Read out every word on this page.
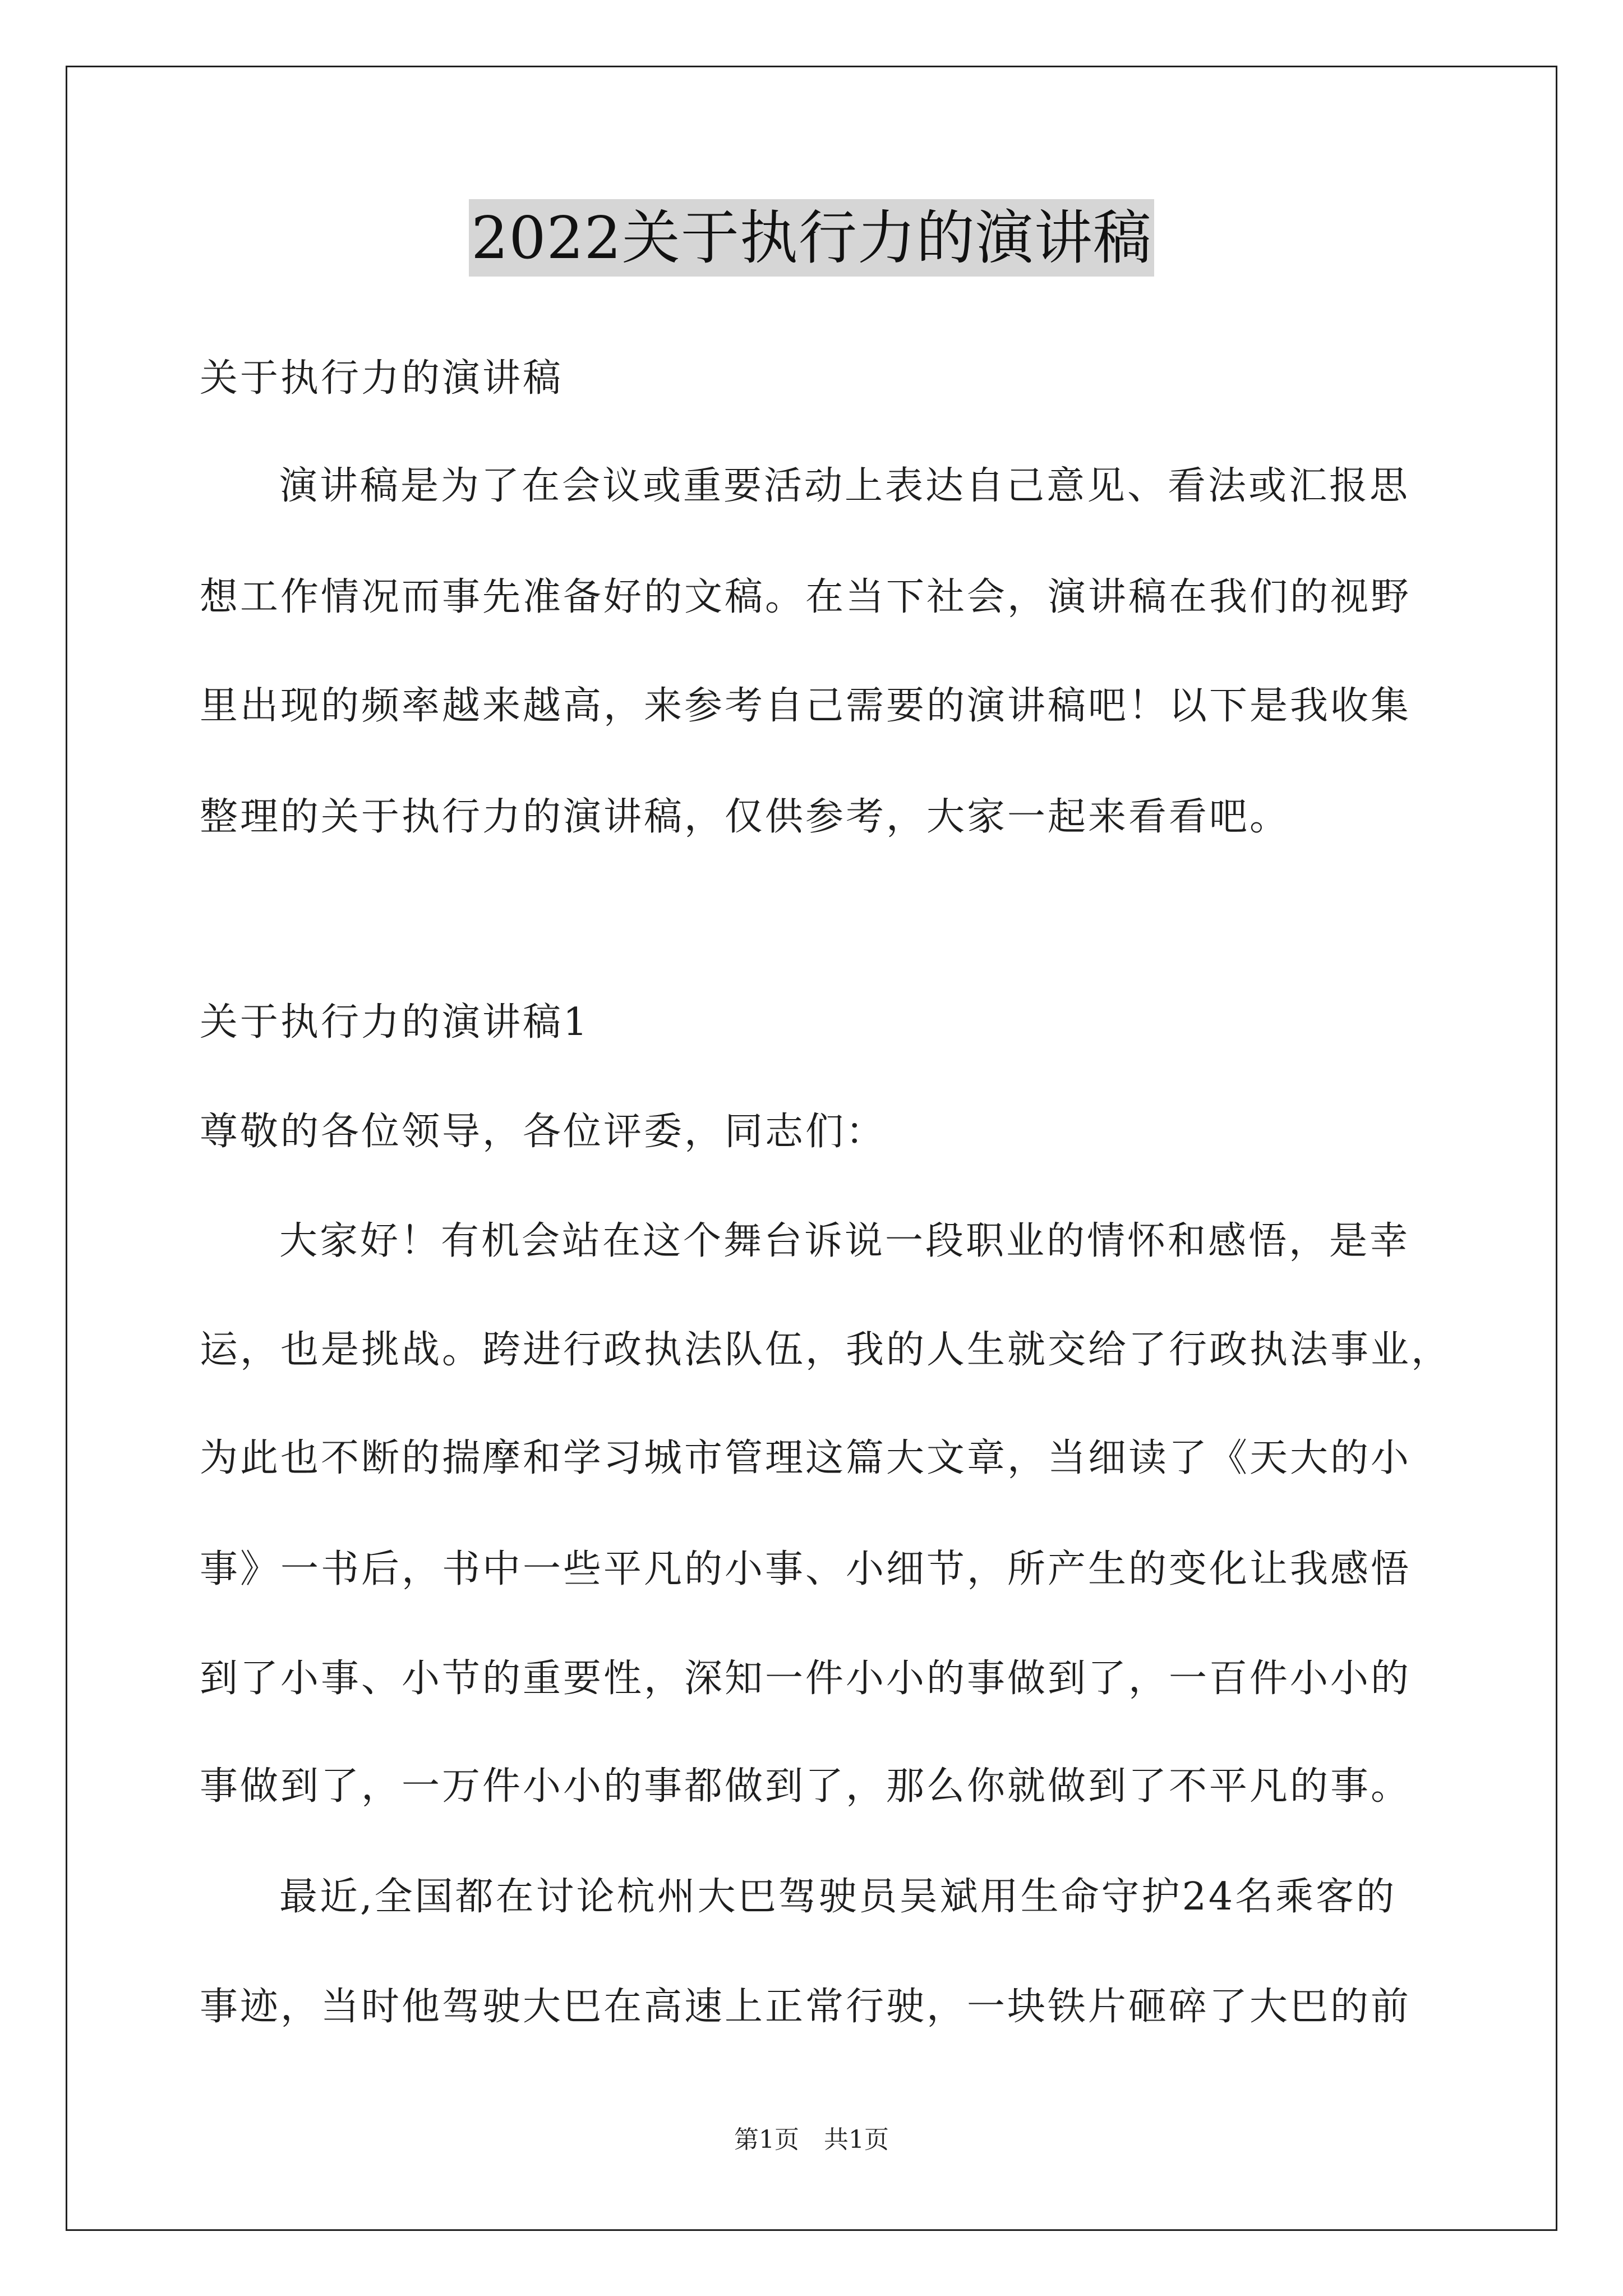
2022关于执行力的演讲稿
关于执行力的演讲稿
演讲稿是为了在会议或重要活动上表达自己意见、看法或汇报思
想工作情况而事先准备好的文稿。在当下社会，演讲稿在我们的视野
里出现的频率越来越高，来参考自己需要的演讲稿吧！以下是我收集
整理的关于执行力的演讲稿，仅供参考，大家一起来看看吧。
关于执行力的演讲稿1
尊敬的各位领导，各位评委，同志们：
大家好！有机会站在这个舞台诉说一段职业的情怀和感悟，是幸
运，也是挑战。跨进行政执法队伍，我的人生就交给了行政执法事业，
为此也不断的揣摩和学习城市管理这篇大文章，当细读了《天大的小
事》一书后，书中一些平凡的小事、小细节，所产生的变化让我感悟
到了小事、小节的重要性，深知一件小小的事做到了，一百件小小的
事做到了，一万件小小的事都做到了，那么你就做到了不平凡的事。
最近,全国都在讨论杭州大巴驾驶员吴斌用生命守护24名乘客的
事迹，当时他驾驶大巴在高速上正常行驶，一块铁片砸碎了大巴的前
第1页　共1页
